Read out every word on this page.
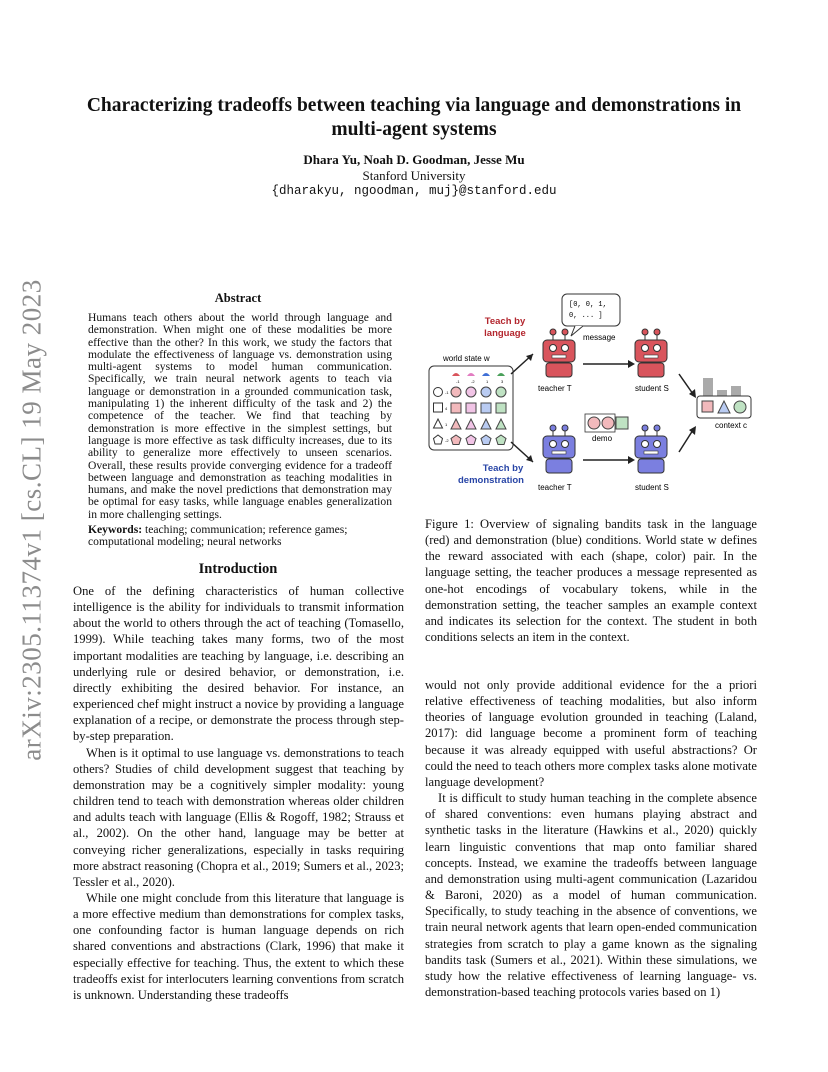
arXiv:2305.11374v1 [cs.CL] 19 May 2023
Characterizing tradeoffs between teaching via language and demonstrations in multi-agent systems
Dhara Yu, Noah D. Goodman, Jesse Mu
Stanford University
{dharakyu, ngoodman, muj}@stanford.edu
Abstract
Humans teach others about the world through language and demonstration. When might one of these modalities be more effective than the other? In this work, we study the factors that modulate the effectiveness of language vs. demonstration using multi-agent systems to model human communication. Specifically, we train neural network agents to teach via language or demonstration in a grounded communication task, manipulating 1) the inherent difficulty of the task and 2) the competence of the teacher. We find that teaching by demonstration is more effective in the simplest settings, but language is more effective as task difficulty increases, due to its ability to generalize more effectively to unseen scenarios. Overall, these results provide converging evidence for a tradeoff between language and demonstration as teaching modalities in humans, and make the novel predictions that demonstration may be optimal for easy tasks, while language enables generalization in more challenging settings.
Keywords: teaching; communication; reference games; computational modeling; neural networks
Introduction

One of the defining characteristics of human collective intelligence is the ability for individuals to transmit information about the world to others through the act of teaching (Tomasello, 1999). While teaching takes many forms, two of the most important modalities are teaching by language, i.e. describing an underlying rule or desired behavior, or demonstration, i.e. directly exhibiting the desired behavior. For instance, an experienced chef might instruct a novice by providing a language explanation of a recipe, or demonstrate the process through step-by-step preparation.

When is it optimal to use language vs. demonstrations to teach others? Studies of child development suggest that teaching by demonstration may be a cognitively simpler modality: young children tend to teach with demonstration whereas older children and adults teach with language (Ellis & Rogoff, 1982; Strauss et al., 2002). On the other hand, language may be better at conveying richer generalizations, especially in tasks requiring more abstract reasoning (Chopra et al., 2019; Sumers et al., 2023; Tessler et al., 2020).

While one might conclude from this literature that language is a more effective medium than demonstrations for complex tasks, one confounding factor is human language depends on rich shared conventions and abstractions (Clark, 1996) that make it especially effective for teaching. Thus, the extent to which these tradeoffs exist for interlocuters learning conventions from scratch is unknown. Understanding these tradeoffs

Teach by
language
[0, 0, 1,
0, ... ]
message
world state w
-1	-2	1	3
-1
4
1
-2
teacher T	student S
context c
teacher T
demo
student S
Teach by
demonstration
Figure 1: Overview of signaling bandits task in the language (red) and demonstration (blue) conditions. World state w defines the reward associated with each (shape, color) pair. In the language setting, the teacher produces a message represented as one-hot encodings of vocabulary tokens, while in the demonstration setting, the teacher samples an example context and indicates its selection for the context. The student in both conditions selects an item in the context.

would not only provide additional evidence for the a priori relative effectiveness of teaching modalities, but also inform theories of language evolution grounded in teaching (Laland, 2017): did language become a prominent form of teaching because it was already equipped with useful abstractions? Or could the need to teach others more complex tasks alone motivate language development?

It is difficult to study human teaching in the complete absence of shared conventions: even humans playing abstract and synthetic tasks in the literature (Hawkins et al., 2020) quickly learn linguistic conventions that map onto familiar shared concepts. Instead, we examine the tradeoffs between language and demonstration using multi-agent communication (Lazaridou & Baroni, 2020) as a model of human communication. Specifically, to study teaching in the absence of conventions, we train neural network agents that learn open-ended communication strategies from scratch to play a game known as the signaling bandits task (Sumers et al., 2021). Within these simulations, we study how the relative effectiveness of learning language- vs. demonstration-based teaching protocols varies based on 1)
